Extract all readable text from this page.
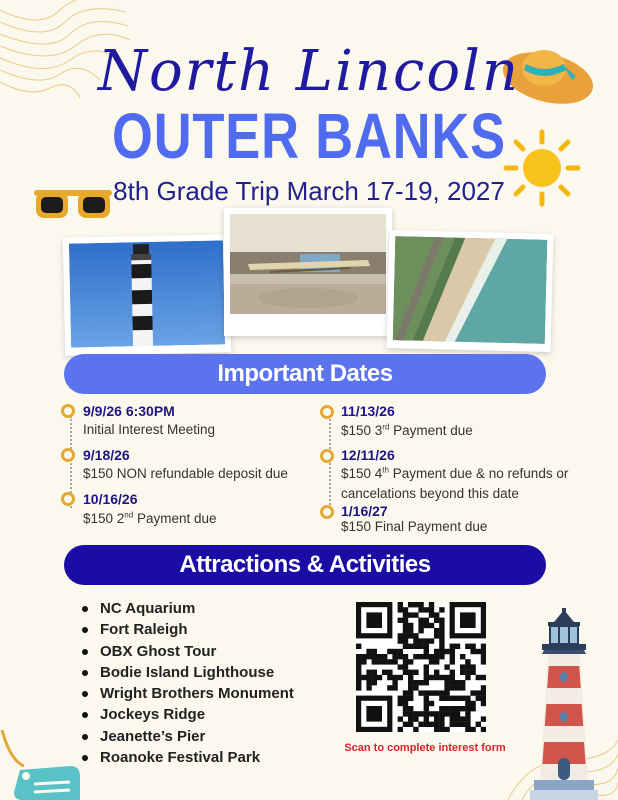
North Lincoln
OUTER BANKS
8th Grade Trip March 17-19, 2027
Important Dates
9/9/26 6:30PM
Initial Interest Meeting
9/18/26
$150 NON refundable deposit due
10/16/26
$150 2nd Payment due
11/13/26
$150 3rd Payment due
12/11/26
$150 4th Payment due & no refunds or
cancelations beyond this date
1/16/27
$150 Final Payment due
Attractions & Activities
NC Aquarium
Fort Raleigh
OBX Ghost Tour
Bodie Island Lighthouse
Wright Brothers Monument
Jockeys Ridge
Jeanette’s Pier
Roanoke Festival Park
Scan to complete interest form
